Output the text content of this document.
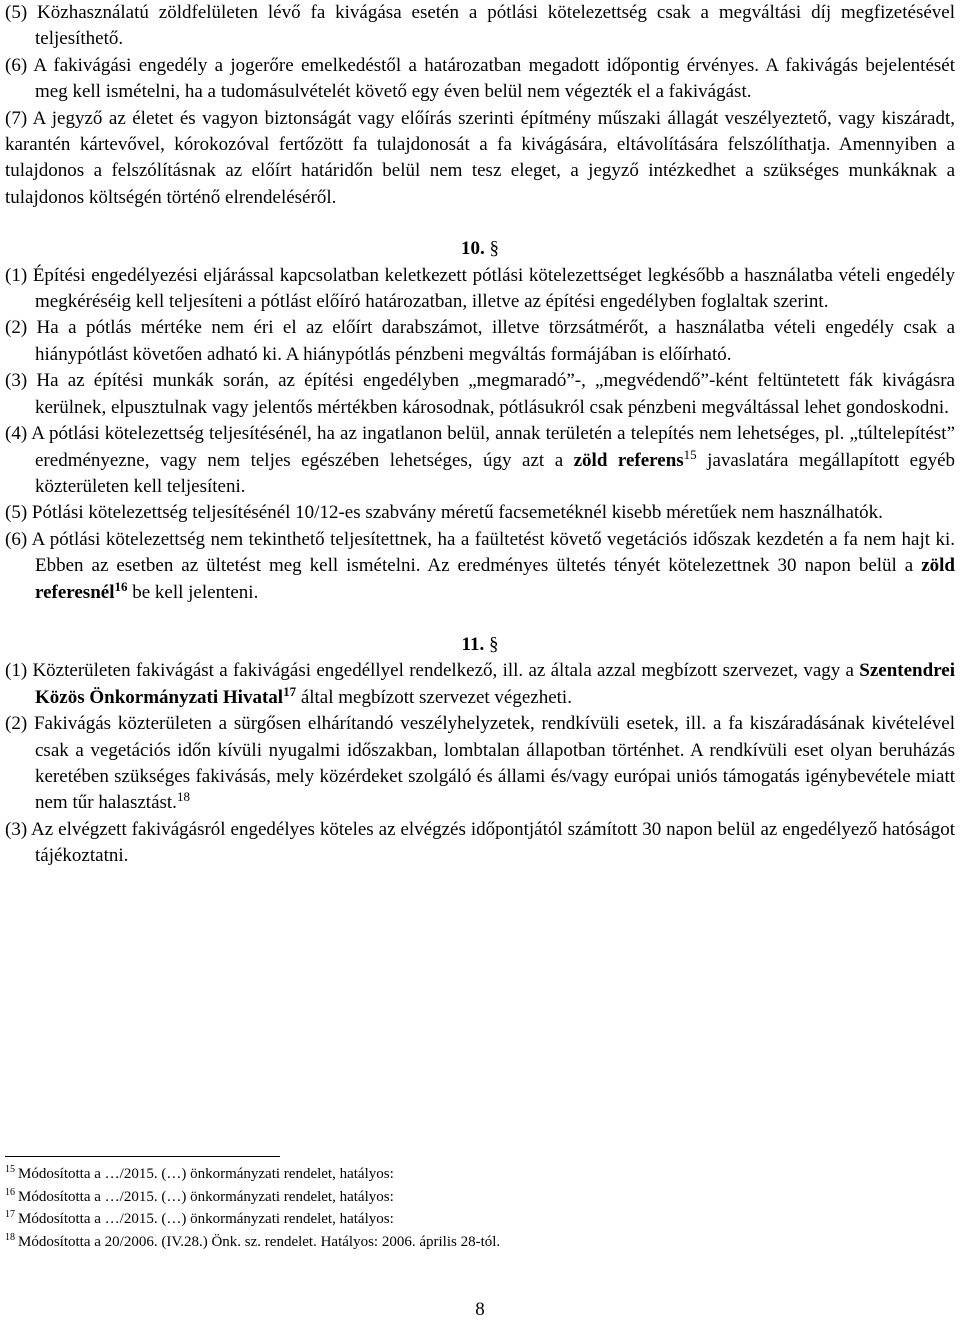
(5) Közhasználatú zöldfelületen lévő fa kivágása esetén a pótlási kötelezettség csak a megváltási díj megfizetésével teljesíthető.

(6) A fakivágási engedély a jogerőre emelkedéstől a határozatban megadott időpontig érvényes. A fakivágás bejelentését meg kell ismételni, ha a tudomásulvételét követő egy éven belül nem végezték el a fakivágást.

(7) A jegyző az életet és vagyon biztonságát vagy előírás szerinti építmény műszaki állagát veszélyeztető, vagy kiszáradt, karantén kártevővel, kórokozóval fertőzött fa tulajdonosát a fa kivágására, eltávolítására felszólíthatja. Amennyiben a tulajdonos a felszólításnak az előírt határidőn belül nem tesz eleget, a jegyző intézkedhet a szükséges munkáknak a tulajdonos költségén történő elrendeléséről.

10. §

(1) Építési engedélyezési eljárással kapcsolatban keletkezett pótlási kötelezettséget legkésőbb a használatba vételi engedély megkéréséig kell teljesíteni a pótlást előíró határozatban, illetve az építési engedélyben foglaltak szerint.

(2) Ha a pótlás mértéke nem éri el az előírt darabszámot, illetve törzsátmérőt, a használatba vételi engedély csak a hiánypótlást követően adható ki. A hiánypótlás pénzbeni megváltás formájában is előírható.

(3) Ha az építési munkák során, az építési engedélyben „megmaradó”-, „megvédendő”-ként feltüntetett fák kivágásra kerülnek, elpusztulnak vagy jelentős mértékben károsodnak, pótlásukról csak pénzbeni megváltással lehet gondoskodni.

(4) A pótlási kötelezettség teljesítésénél, ha az ingatlanon belül, annak területén a telepítés nem lehetséges, pl. „túltelepítést” eredményezne, vagy nem teljes egészében lehetséges, úgy azt a zöld referens$^{15}$ javaslatára megállapított egyéb közterületen kell teljesíteni.

(5) Pótlási kötelezettség teljesítésénél 10/12-es szabvány méretű facsemetéknél kisebb méretűek nem használhatók.

(6) A pótlási kötelezettség nem tekinthető teljesítettnek, ha a faültetést követő vegetációs időszak kezdetén a fa nem hajt ki. Ebben az esetben az ültetést meg kell ismételni. Az eredményes ültetés tényét kötelezettnek 30 napon belül a zöld referesnél$^{16}$ be kell jelenteni.

11. §

(1) Közterületen fakivágást a fakivágási engedéllyel rendelkező, ill. az általa azzal megbízott szervezet, vagy a Szentendrei Közös Önkormányzati Hivatal$^{17}$ által megbízott szervezet végezheti.

(2) Fakivágás közterületen a sürgősen elhárítandó veszélyhelyzetek, rendkívüli esetek, ill. a fa kiszáradásának kivételével csak a vegetációs időn kívüli nyugalmi időszakban, lombtalan állapotban történhet. A rendkívüli eset olyan beruházás keretében szükséges fakivásás, mely közérdeket szolgáló és állami és/vagy európai uniós támogatás igénybevétele miatt nem tűr halasztást.$^{18}$

(3) Az elvégzett fakivágásról engedélyes köteles az elvégzés időpontjától számított 30 napon belül az engedélyező hatóságot tájékoztatni.

$^{15}$ Módosította a …/2015. (…) önkormányzati rendelet, hatályos:
$^{16}$ Módosította a …/2015. (…) önkormányzati rendelet, hatályos:
$^{17}$ Módosította a …/2015. (…) önkormányzati rendelet, hatályos:
$^{18}$ Módosította a 20/2006. (IV.28.) Önk. sz. rendelet. Hatályos: 2006. április 28-tól.
8
